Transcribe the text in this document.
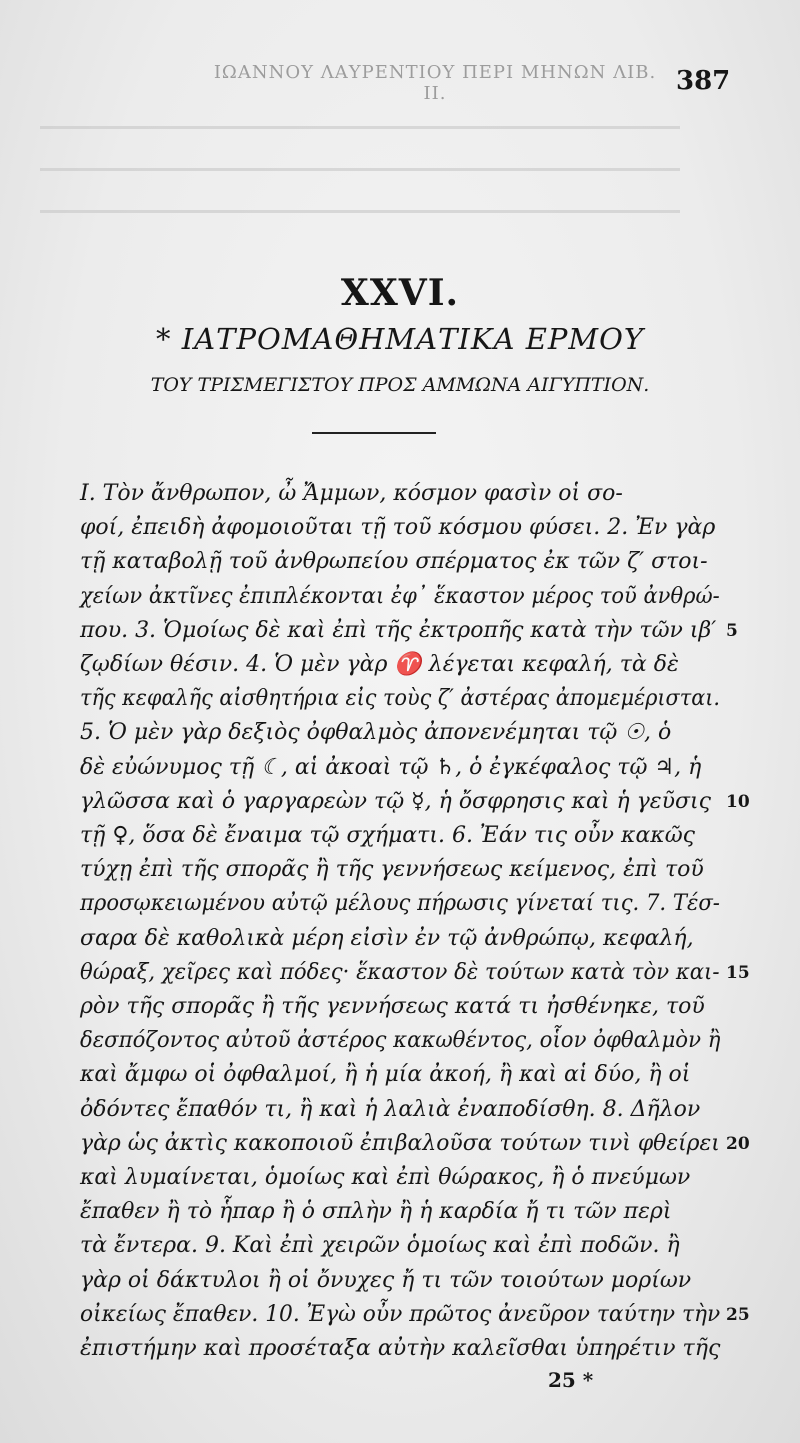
ΙΩΑΝΝΟΥ ΛΑΥΡΕΝΤΙΟΥ ΠΕΡΙ ΜΗΝΩΝ ΛΙΒ. ΙΙ.	387
XXVI.
* ΙΑΤΡΟΜΑΘΗΜΑΤΙΚΑ ΕΡΜΟΥ
ΤΟΥ ΤΡΙΣΜΕΓΙΣΤΟΥ ΠΡΟΣ ΑΜΜΩΝΑ ΑΙΓΥΠΤΙΟΝ.
I. Τὸν ἄνθρωπον, ὦ Ἄμμων, κόσμον φασὶν οἱ σο-
φοί, ἐπειδὴ ἀφομοιοῦται τῇ τοῦ κόσμου φύσει. 2. Ἐν γὰρ
τῇ καταβολῇ τοῦ ἀνθρωπείου σπέρματος ἐκ τῶν ζ′ στοι-
χείων ἀκτῖνες ἐπιπλέκονται ἐφ᾽ ἕκαστον μέρος τοῦ ἀνθρώ-
που. 3. Ὁμοίως δὲ καὶ ἐπὶ τῆς ἐκτροπῆς κατὰ τὴν τῶν ιβ′
ζῳδίων θέσιν. 4. Ὁ μὲν γὰρ ♈ λέγεται κεφαλή, τὰ δὲ
τῆς κεφαλῆς αἰσθητήρια εἰς τοὺς ζ′ ἀστέρας ἀπομεμέρισται.
5. Ὁ μὲν γὰρ δεξιὸς ὀφθαλμὸς ἀπονενέμηται τῷ ☉, ὁ
δὲ εὐώνυμος τῇ ☾, αἱ ἀκοαὶ τῷ ♄, ὁ ἐγκέφαλος τῷ ♃, ἡ
γλῶσσα καὶ ὁ γαργαρεὼν τῷ ☿, ἡ ὄσφρησις καὶ ἡ γεῦσις
τῇ ♀, ὅσα δὲ ἔναιμα τῷ σχήματι. 6. Ἐάν τις οὖν κακῶς
τύχῃ ἐπὶ τῆς σπορᾶς ἢ τῆς γεννήσεως κείμενος, ἐπὶ τοῦ
προσῳκειωμένου αὐτῷ μέλους πήρωσις γίνεταί τις. 7. Τέσ-
σαρα δὲ καθολικὰ μέρη εἰσὶν ἐν τῷ ἀνθρώπῳ, κεφαλή,
θώραξ, χεῖρες καὶ πόδες· ἕκαστον δὲ τούτων κατὰ τὸν και-
ρὸν τῆς σπορᾶς ἢ τῆς γεννήσεως κατά τι ἠσθένηκε, τοῦ
δεσπόζοντος αὐτοῦ ἀστέρος κακωθέντος, οἷον ὀφθαλμὸν ἢ
καὶ ἄμφω οἱ ὀφθαλμοί, ἢ ἡ μία ἀκοή, ἢ καὶ αἱ δύο, ἢ οἱ
ὀδόντες ἔπαθόν τι, ἢ καὶ ἡ λαλιὰ ἐναποδίσθη. 8. Δῆλον
γὰρ ὡς ἀκτὶς κακοποιοῦ ἐπιβαλοῦσα τούτων τινὶ φθείρει
καὶ λυμαίνεται, ὁμοίως καὶ ἐπὶ θώρακος, ἢ ὁ πνεύμων
ἔπαθεν ἢ τὸ ἧπαρ ἢ ὁ σπλὴν ἢ ἡ καρδία ἤ τι τῶν περὶ
τὰ ἔντερα. 9. Καὶ ἐπὶ χειρῶν ὁμοίως καὶ ἐπὶ ποδῶν. ἢ
γὰρ οἱ δάκτυλοι ἢ οἱ ὄνυχες ἤ τι τῶν τοιούτων μορίων
οἰκείως ἔπαθεν. 10. Ἐγὼ οὖν πρῶτος ἀνεῦρον ταύτην τὴν
ἐπιστήμην καὶ προσέταξα αὐτὴν καλεῖσθαι ὑπηρέτιν τῆς
5
10
15
20
25
25 *
